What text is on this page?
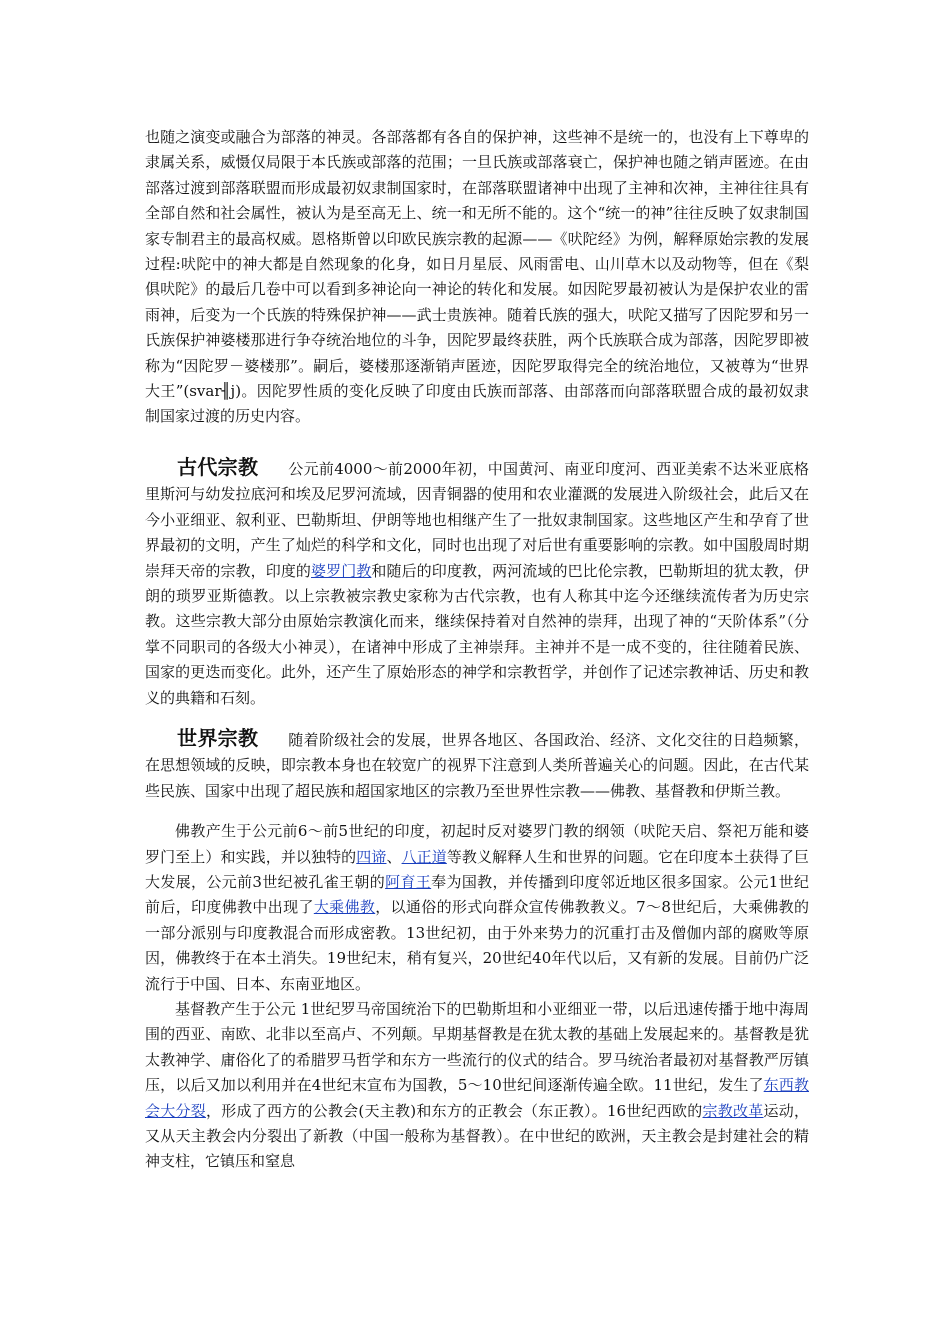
也随之演变或融合为部落的神灵。各部落都有各自的保护神，这些神不是统一的，也没有上下尊卑的隶属关系，威慑仅局限于本氏族或部落的范围；一旦氏族或部落衰亡，保护神也随之销声匿迹。在由部落过渡到部落联盟而形成最初奴隶制国家时，在部落联盟诸神中出现了主神和次神，主神往往具有全部自然和社会属性，被认为是至高无上、统一和无所不能的。这个“统一的神”往往反映了奴隶制国家专制君主的最高权威。恩格斯曾以印欧民族宗教的起源——《吠陀经》为例，解释原始宗教的发展过程:吠陀中的神大都是自然现象的化身，如日月星辰、风雨雷电、山川草木以及动物等，但在《梨俱吠陀》的最后几卷中可以看到多神论向一神论的转化和发展。如因陀罗最初被认为是保护农业的雷雨神，后变为一个氏族的特殊保护神——武士贵族神。随着氏族的强大，吠陀又描写了因陀罗和另一氏族保护神婆楼那进行争夺统治地位的斗争，因陀罗最终获胜，两个氏族联合成为部落，因陀罗即被称为“因陀罗－婆楼那”。嗣后，婆楼那逐渐销声匿迹，因陀罗取得完全的统治地位，又被尊为“世界大王”(svar╢j)。因陀罗性质的变化反映了印度由氏族而部落、由部落而向部落联盟合成的最初奴隶制国家过渡的历史内容。

古代宗教 公元前4000～前2000年初，中国黄河、南亚印度河、西亚美索不达米亚底格里斯河与幼发拉底河和埃及尼罗河流域，因青铜器的使用和农业灌溉的发展进入阶级社会，此后又在今小亚细亚、叙利亚、巴勒斯坦、伊朗等地也相继产生了一批奴隶制国家。这些地区产生和孕育了世界最初的文明，产生了灿烂的科学和文化，同时也出现了对后世有重要影响的宗教。如中国殷周时期崇拜天帝的宗教，印度的婆罗门教和随后的印度教，两河流域的巴比伦宗教，巴勒斯坦的犹太教，伊朗的琐罗亚斯德教。以上宗教被宗教史家称为古代宗教，也有人称其中迄今还继续流传者为历史宗教。这些宗教大部分由原始宗教演化而来，继续保持着对自然神的崇拜，出现了神的“天阶体系”（分掌不同职司的各级大小神灵），在诸神中形成了主神崇拜。主神并不是一成不变的，往往随着民族、国家的更迭而变化。此外，还产生了原始形态的神学和宗教哲学，并创作了记述宗教神话、历史和教义的典籍和石刻。

世界宗教 随着阶级社会的发展，世界各地区、各国政治、经济、文化交往的日趋频繁，在思想领域的反映，即宗教本身也在较宽广的视界下注意到人类所普遍关心的问题。因此，在古代某些民族、国家中出现了超民族和超国家地区的宗教乃至世界性宗教——佛教、基督教和伊斯兰教。

佛教产生于公元前6～前5世纪的印度，初起时反对婆罗门教的纲领（吠陀天启、祭祀万能和婆罗门至上）和实践，并以独特的四谛、八正道等教义解释人生和世界的问题。它在印度本土获得了巨大发展，公元前3世纪被孔雀王朝的阿育王奉为国教，并传播到印度邻近地区很多国家。公元1世纪前后，印度佛教中出现了大乘佛教，以通俗的形式向群众宣传佛教教义。7～8世纪后，大乘佛教的一部分派别与印度教混合而形成密教。13世纪初，由于外来势力的沉重打击及僧伽内部的腐败等原因，佛教终于在本土消失。19世纪末，稍有复兴，20世纪40年代以后，又有新的发展。目前仍广泛流行于中国、日本、东南亚地区。

基督教产生于公元 1世纪罗马帝国统治下的巴勒斯坦和小亚细亚一带，以后迅速传播于地中海周围的西亚、南欧、北非以至高卢、不列颠。早期基督教是在犹太教的基础上发展起来的。基督教是犹太教神学、庸俗化了的希腊罗马哲学和东方一些流行的仪式的结合。罗马统治者最初对基督教严厉镇压，以后又加以利用并在4世纪末宣布为国教，5～10世纪间逐渐传遍全欧。11世纪，发生了东西教会大分裂，形成了西方的公教会(天主教)和东方的正教会（东正教）。16世纪西欧的宗教改革运动，又从天主教会内分裂出了新教（中国一般称为基督教）。在中世纪的欧洲，天主教会是封建社会的精神支柱，它镇压和窒息
